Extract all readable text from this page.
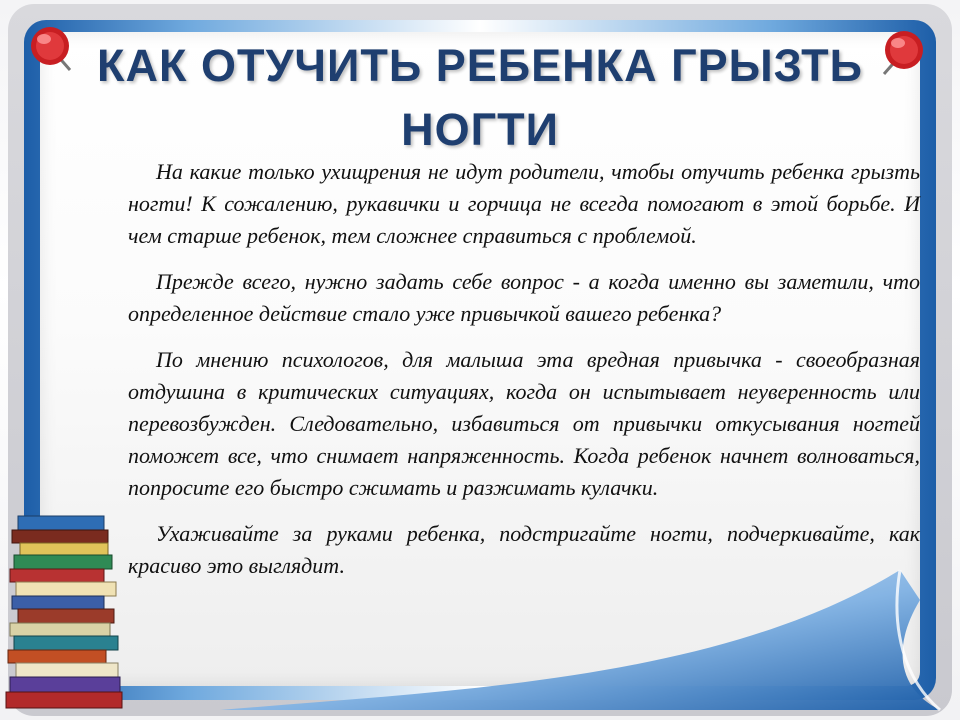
КАК ОТУЧИТЬ РЕБЕНКА ГРЫЗТЬ
НОГТИ

На какие только ухищрения не идут родители, чтобы отучить ребенка грызть ногти! К сожалению, рукавички и горчица не всегда помогают в этой борьбе. И чем старше ребенок, тем сложнее справиться с проблемой.

Прежде всего, нужно задать себе вопрос - а когда именно вы заметили, что определенное действие стало уже привычкой вашего ребенка?

По мнению психологов, для малыша эта вредная привычка - своеобразная отдушина в критических ситуациях, когда он испытывает неуверенность или перевозбужден. Следовательно, избавиться от привычки откусывания ногтей поможет все, что снимает напряженность. Когда ребенок начнет волноваться, попросите его быстро сжимать и разжимать кулачки.

Ухаживайте за руками ребенка, подстригайте ногти, подчеркивайте, как красиво это выглядит.
